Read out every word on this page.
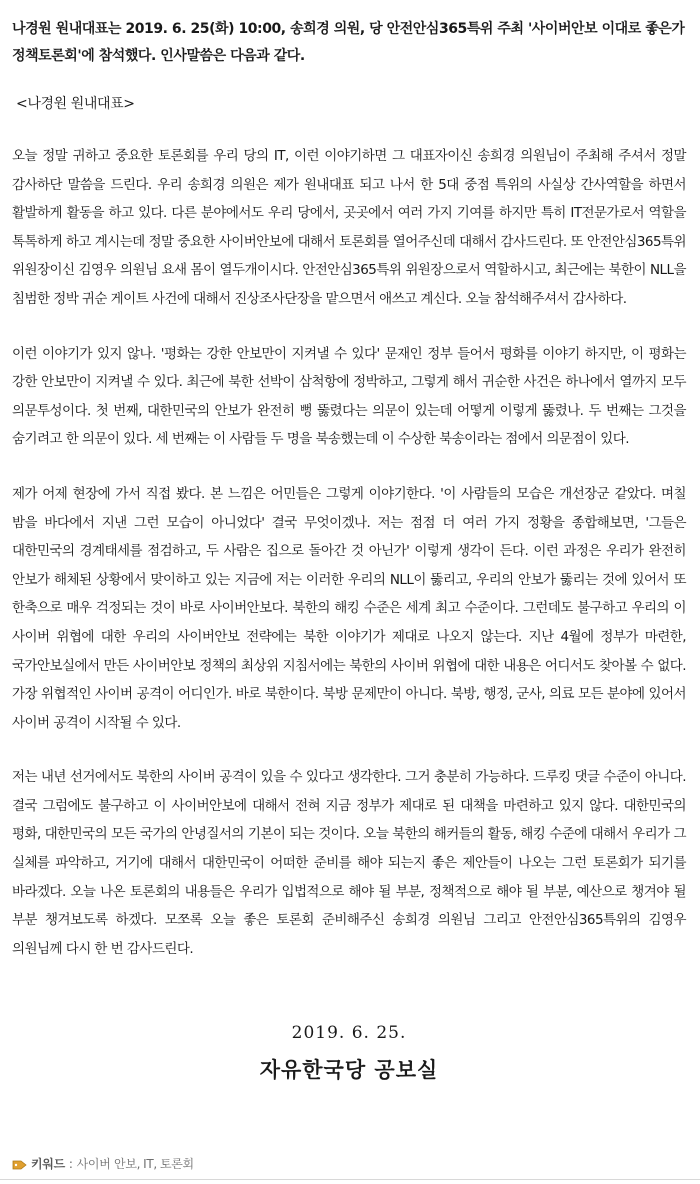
나경원 원내대표는 2019. 6. 25(화) 10:00, 송희경 의원, 당 안전안심365특위 주최 '사이버안보 이대로 좋은가 정책토론회'에 참석했다. 인사말씀은 다음과 같다.

<나경원 원내대표>

오늘 정말 귀하고 중요한 토론회를 우리 당의 IT, 이런 이야기하면 그 대표자이신 송희경 의원님이 주최해 주셔서 정말 감사하단 말씀을 드린다. 우리 송희경 의원은 제가 원내대표 되고 나서 한 5대 중점 특위의 사실상 간사역할을 하면서 활발하게 활동을 하고 있다. 다른 분야에서도 우리 당에서, 곳곳에서 여러 가지 기여를 하지만 특히 IT전문가로서 역할을 톡톡하게 하고 계시는데 정말 중요한 사이버안보에 대해서 토론회를 열어주신데 대해서 감사드린다. 또 안전안심365특위 위원장이신 김영우 의원님 요새 몸이 열두개이시다. 안전안심365특위 위원장으로서 역할하시고, 최근에는 북한이 NLL을 침범한 정박 귀순 게이트 사건에 대해서 진상조사단장을 맡으면서 애쓰고 계신다. 오늘 참석해주셔서 감사하다.

이런 이야기가 있지 않나. '평화는 강한 안보만이 지켜낼 수 있다' 문재인 정부 들어서 평화를 이야기 하지만, 이 평화는 강한 안보만이 지켜낼 수 있다. 최근에 북한 선박이 삼척항에 정박하고, 그렇게 해서 귀순한 사건은 하나에서 열까지 모두 의문투성이다. 첫 번째, 대한민국의 안보가 완전히 뻥 뚫렸다는 의문이 있는데 어떻게 이렇게 뚫렸나. 두 번째는 그것을 숨기려고 한 의문이 있다. 세 번째는 이 사람들 두 명을 북송했는데 이 수상한 북송이라는 점에서 의문점이 있다.

제가 어제 현장에 가서 직접 봤다. 본 느낌은 어민들은 그렇게 이야기한다. '이 사람들의 모습은 개선장군 같았다. 며칠 밤을 바다에서 지낸 그런 모습이 아니었다' 결국 무엇이겠나. 저는 점점 더 여러 가지 정황을 종합해보면, '그들은 대한민국의 경계태세를 점검하고, 두 사람은 집으로 돌아간 것 아닌가' 이렇게 생각이 든다. 이런 과정은 우리가 완전히 안보가 해체된 상황에서 맞이하고 있는 지금에 저는 이러한 우리의 NLL이 뚫리고, 우리의 안보가 뚫리는 것에 있어서 또 한축으로 매우 걱정되는 것이 바로 사이버안보다. 북한의 해킹 수준은 세계 최고 수준이다. 그런데도 불구하고 우리의 이 사이버 위협에 대한 우리의 사이버안보 전략에는 북한 이야기가 제대로 나오지 않는다. 지난 4월에 정부가 마련한, 국가안보실에서 만든 사이버안보 정책의 최상위 지침서에는 북한의 사이버 위협에 대한 내용은 어디서도 찾아볼 수 없다. 가장 위협적인 사이버 공격이 어디인가. 바로 북한이다. 북방 문제만이 아니다. 북방, 행정, 군사, 의료 모든 분야에 있어서 사이버 공격이 시작될 수 있다.

저는 내년 선거에서도 북한의 사이버 공격이 있을 수 있다고 생각한다. 그거 충분히 가능하다. 드루킹 댓글 수준이 아니다. 결국 그럼에도 불구하고 이 사이버안보에 대해서 전혀 지금 정부가 제대로 된 대책을 마련하고 있지 않다. 대한민국의 평화, 대한민국의 모든 국가의 안녕질서의 기본이 되는 것이다. 오늘 북한의 해커들의 활동, 해킹 수준에 대해서 우리가 그 실체를 파악하고, 거기에 대해서 대한민국이 어떠한 준비를 해야 되는지 좋은 제안들이 나오는 그런 토론회가 되기를 바라겠다. 오늘 나온 토론회의 내용들은 우리가 입법적으로 해야 될 부분, 정책적으로 해야 될 부분, 예산으로 챙겨야 될 부분 챙겨보도록 하겠다. 모쪼록 오늘 좋은 토론회 준비해주신 송희경 의원님 그리고 안전안심365특위의 김영우 의원님께 다시 한 번 감사드린다.

2019. 6. 25.
자유한국당 공보실
키워드 : 사이버 안보 , IT , 토론회
